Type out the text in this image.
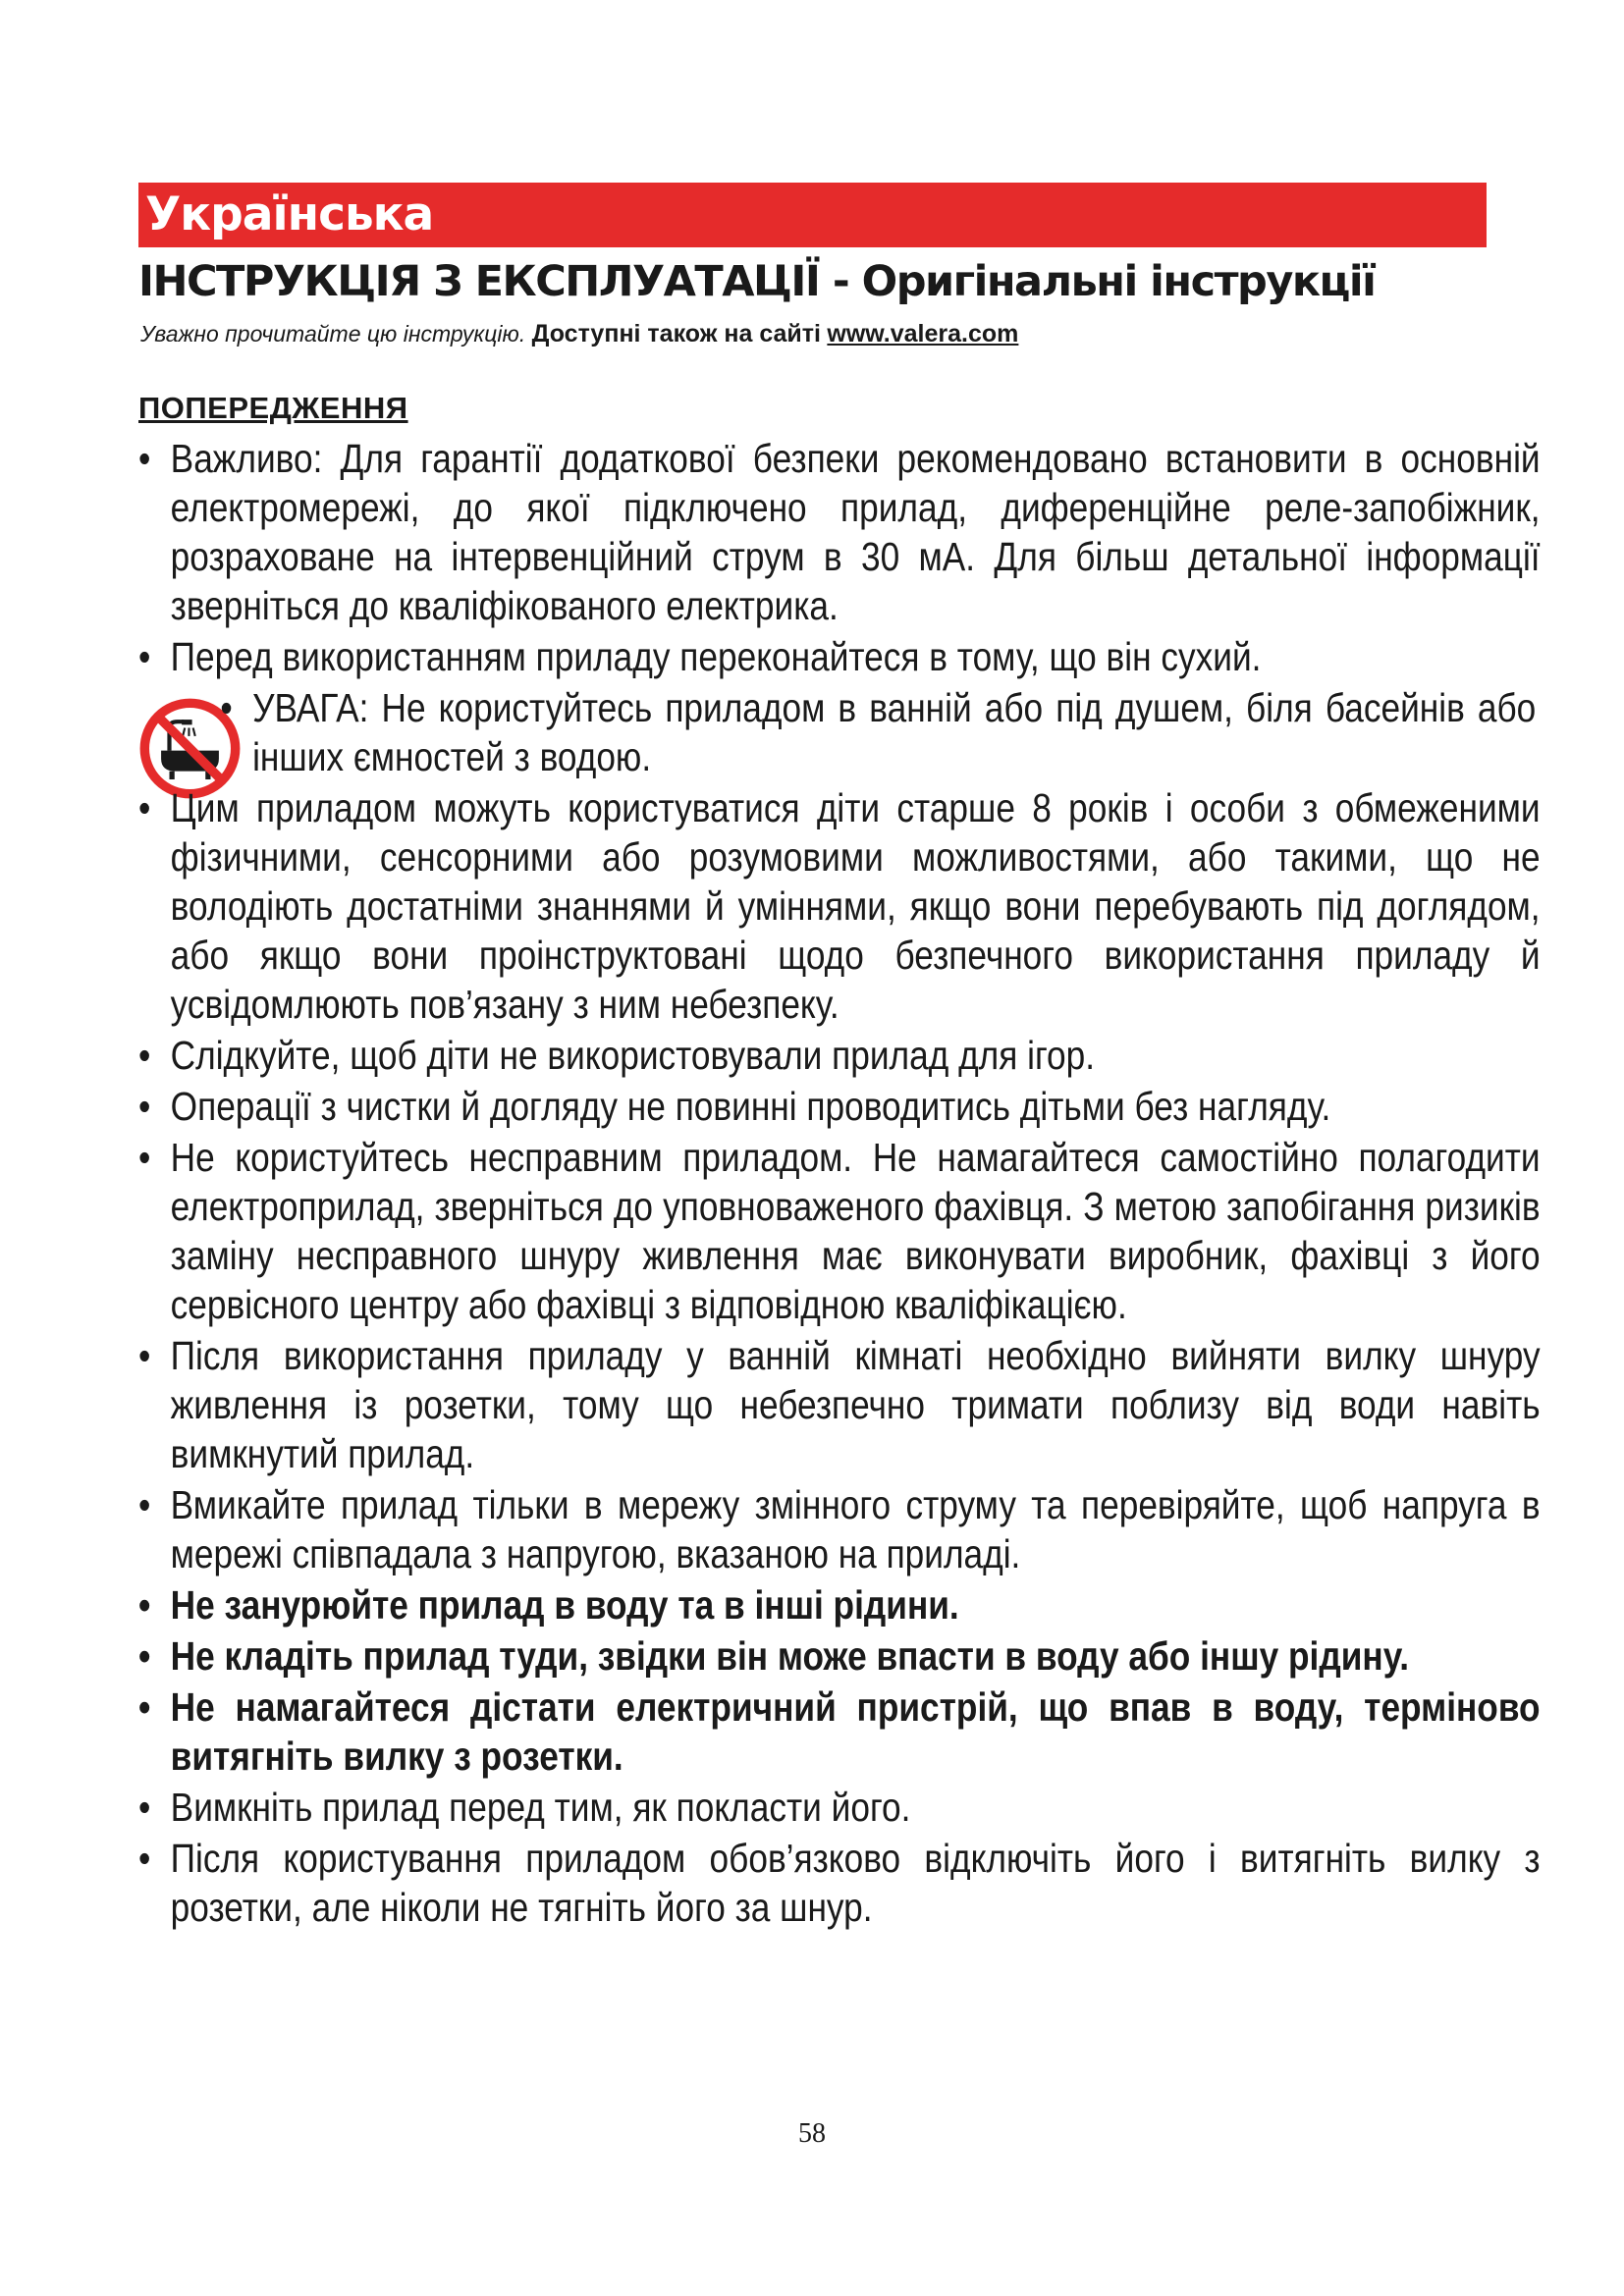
Українська
ІНСТРУКЦІЯ З ЕКСПЛУАТАЦІЇ - Оригінальні інструкції
Уважно прочитайте цю інструкцію. Доступні також на сайті www.valera.com
ПОПЕРЕДЖЕННЯ
• Важливо: Для гарантії додаткової безпеки рекомендовано встановити в основній електромережі, до якої підключено прилад, диференційне реле-запобіжник, розраховане на інтервенційний струм в 30 мА. Для більш детальної інформації зверніться до кваліфікованого електрика.
• Перед використанням приладу переконайтеся в тому, що він сухий.
• УВАГА: Не користуйтесь приладом в ванній або під душем, біля басейнів або інших ємностей з водою.
• Цим приладом можуть користуватися діти старше 8 років і особи з обмеженими фізичними, сенсорними або розумовими можливостями, або такими, що не володіють достатніми знаннями й уміннями, якщо вони перебувають під доглядом, або якщо вони проінструктовані щодо безпечного використання приладу й усвідомлюють пов’язану з ним небезпеку.
• Слідкуйте, щоб діти не використовували прилад для ігор.
• Операції з чистки й догляду не повинні проводитись дітьми без нагляду.
• Не користуйтесь несправним приладом. Не намагайтеся самостійно полагодити електроприлад, зверніться до уповноваженого фахівця. З метою запобігання ризиків заміну несправного шнуру живлення має виконувати виробник, фахівці з його сервісного центру або фахівці з відповідною кваліфікацією.
• Після використання приладу у ванній кімнаті необхідно вийняти вилку шнуру живлення із розетки, тому що небезпечно тримати поблизу від води навіть вимкнутий прилад.
• Вмикайте прилад тільки в мережу змінного струму та перевіряйте, щоб напруга в мережі співпадала з напругою, вказаною на приладі.
• Не занурюйте прилад в воду та в інші рідини.
• Не кладіть прилад туди, звідки він може впасти в воду або іншу рідину.
• Не намагайтеся дістати електричний пристрій, що впав в воду, терміново витягніть вилку з розетки.
• Вимкніть прилад перед тим, як покласти його.
• Після користування приладом обов’язково відключіть його і витягніть вилку з розетки, але ніколи не тягніть його за шнур.
58
